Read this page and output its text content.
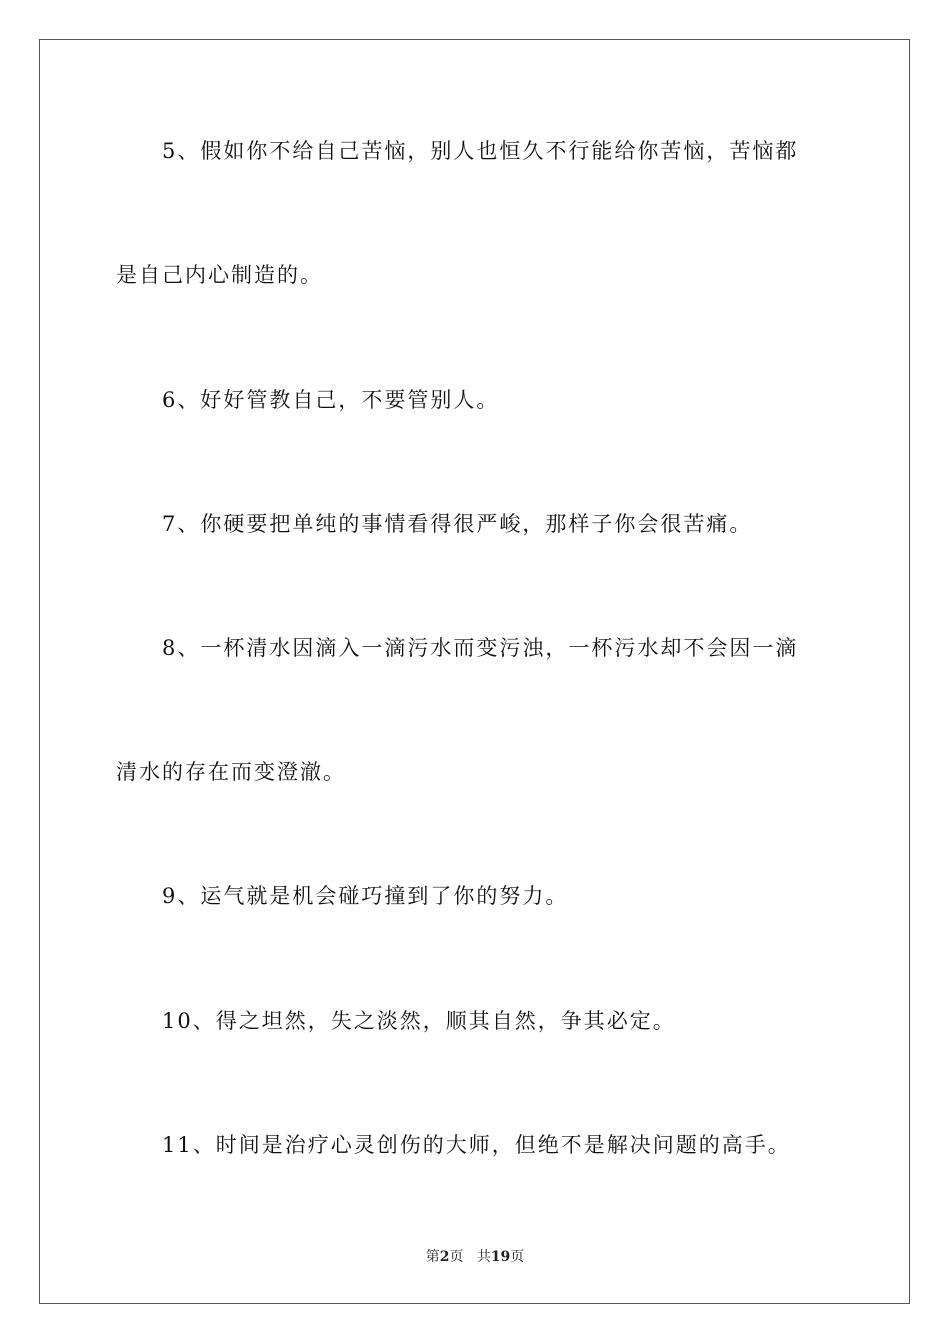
5、假如你不给自己苦恼，别人也恒久不行能给你苦恼，苦恼都
是自己内心制造的。
6、好好管教自己，不要管别人。
7、你硬要把单纯的事情看得很严峻，那样子你会很苦痛。
8、一杯清水因滴入一滴污水而变污浊，一杯污水却不会因一滴
清水的存在而变澄澈。
9、运气就是机会碰巧撞到了你的努力。
10、得之坦然，失之淡然，顺其自然，争其必定。
11、时间是治疗心灵创伤的大师，但绝不是解决问题的高手。
第2页 共19页
